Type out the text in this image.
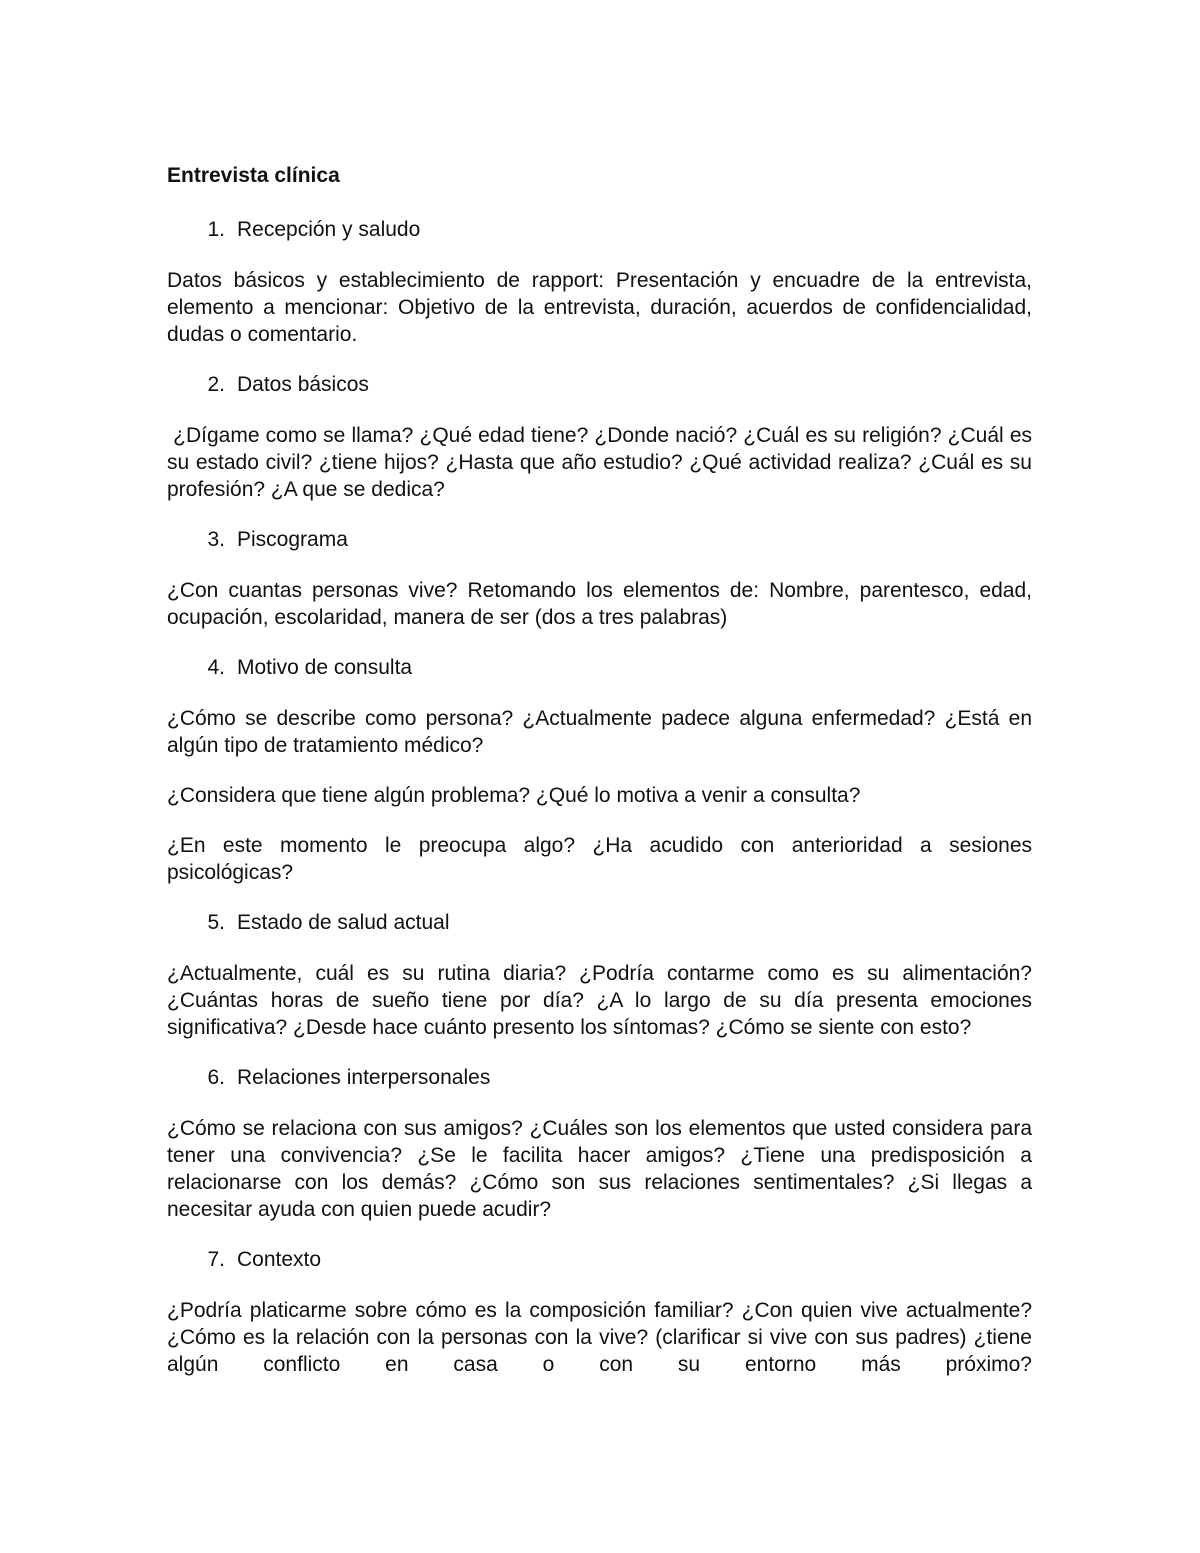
Entrevista clínica
1. Recepción y saludo

Datos básicos y establecimiento de rapport: Presentación y encuadre de la entrevista, elemento a mencionar: Objetivo de la entrevista, duración, acuerdos de confidencialidad, dudas o comentario.

2. Datos básicos

¿Dígame como se llama? ¿Qué edad tiene? ¿Donde nació? ¿Cuál es su religión? ¿Cuál es su estado civil? ¿tiene hijos? ¿Hasta que año estudio? ¿Qué actividad realiza? ¿Cuál es su profesión? ¿A que se dedica?

3. Piscograma

¿Con cuantas personas vive? Retomando los elementos de: Nombre, parentesco, edad, ocupación, escolaridad, manera de ser (dos a tres palabras)

4. Motivo de consulta

¿Cómo se describe como persona? ¿Actualmente padece alguna enfermedad? ¿Está en algún tipo de tratamiento médico?

¿Considera que tiene algún problema? ¿Qué lo motiva a venir a consulta?

¿En este momento le preocupa algo? ¿Ha acudido con anterioridad a sesiones psicológicas?

5. Estado de salud actual

¿Actualmente, cuál es su rutina diaria? ¿Podría contarme como es su alimentación? ¿Cuántas horas de sueño tiene por día? ¿A lo largo de su día presenta emociones significativa? ¿Desde hace cuánto presento los síntomas? ¿Cómo se siente con esto?

6. Relaciones interpersonales

¿Cómo se relaciona con sus amigos? ¿Cuáles son los elementos que usted considera para tener una convivencia? ¿Se le facilita hacer amigos? ¿Tiene una predisposición a relacionarse con los demás? ¿Cómo son sus relaciones sentimentales? ¿Si llegas a necesitar ayuda con quien puede acudir?

7. Contexto

¿Podría platicarme sobre cómo es la composición familiar? ¿Con quien vive actualmente? ¿Cómo es la relación con la personas con la vive? (clarificar si vive con sus padres) ¿tiene algún conflicto en casa o con su entorno más próximo?
